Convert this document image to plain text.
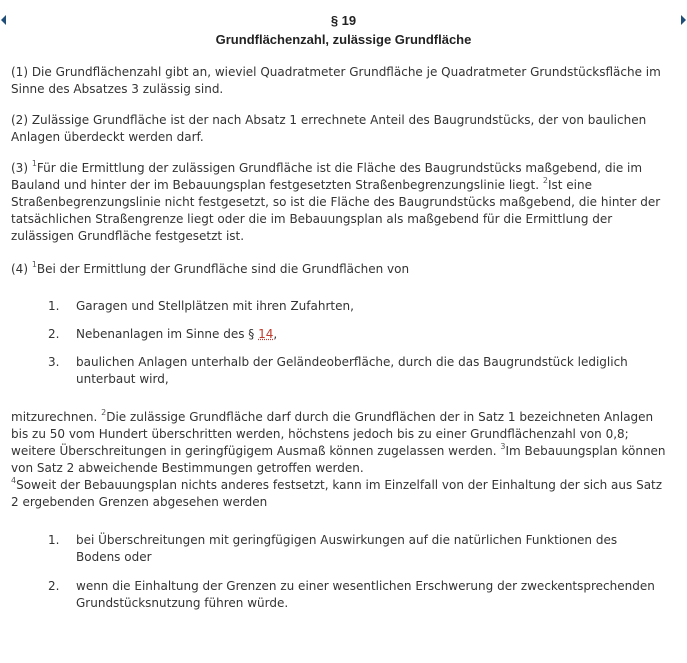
§ 19
Grundflächenzahl, zulässige Grundfläche

(1) Die Grundflächenzahl gibt an, wieviel Quadratmeter Grundfläche je Quadratmeter Grundstücksfläche im Sinne des Absatzes 3 zulässig sind.

(2) Zulässige Grundfläche ist der nach Absatz 1 errechnete Anteil des Baugrundstücks, der von baulichen Anlagen überdeckt werden darf.

(3) $^1$Für die Ermittlung der zulässigen Grundfläche ist die Fläche des Baugrundstücks maßgebend, die im Bauland und hinter der im Bebauungsplan festgesetzten Straßenbegrenzungslinie liegt. $^2$Ist eine Straßenbegrenzungslinie nicht festgesetzt, so ist die Fläche des Baugrundstücks maßgebend, die hinter der tatsächlichen Straßengrenze liegt oder die im Bebauungsplan als maßgebend für die Ermittlung der zulässigen Grundfläche festgesetzt ist.

(4) $^1$Bei der Ermittlung der Grundfläche sind die Grundflächen von

1. Garagen und Stellplätzen mit ihren Zufahrten,
2. Nebenanlagen im Sinne des § 14,
3. baulichen Anlagen unterhalb der Geländeoberfläche, durch die das Baugrundstück lediglich unterbaut wird,

mitzurechnen. $^2$Die zulässige Grundfläche darf durch die Grundflächen der in Satz 1 bezeichneten Anlagen bis zu 50 vom Hundert überschritten werden, höchstens jedoch bis zu einer Grundflächenzahl von 0,8; weitere Überschreitungen in geringfügigem Ausmaß können zugelassen werden. $^3$Im Bebauungsplan können von Satz 2 abweichende Bestimmungen getroffen werden.
$^4$Soweit der Bebauungsplan nichts anderes festsetzt, kann im Einzelfall von der Einhaltung der sich aus Satz 2 ergebenden Grenzen abgesehen werden

1. bei Überschreitungen mit geringfügigen Auswirkungen auf die natürlichen Funktionen des Bodens oder
2. wenn die Einhaltung der Grenzen zu einer wesentlichen Erschwerung der zweckentsprechenden Grundstücksnutzung führen würde.
